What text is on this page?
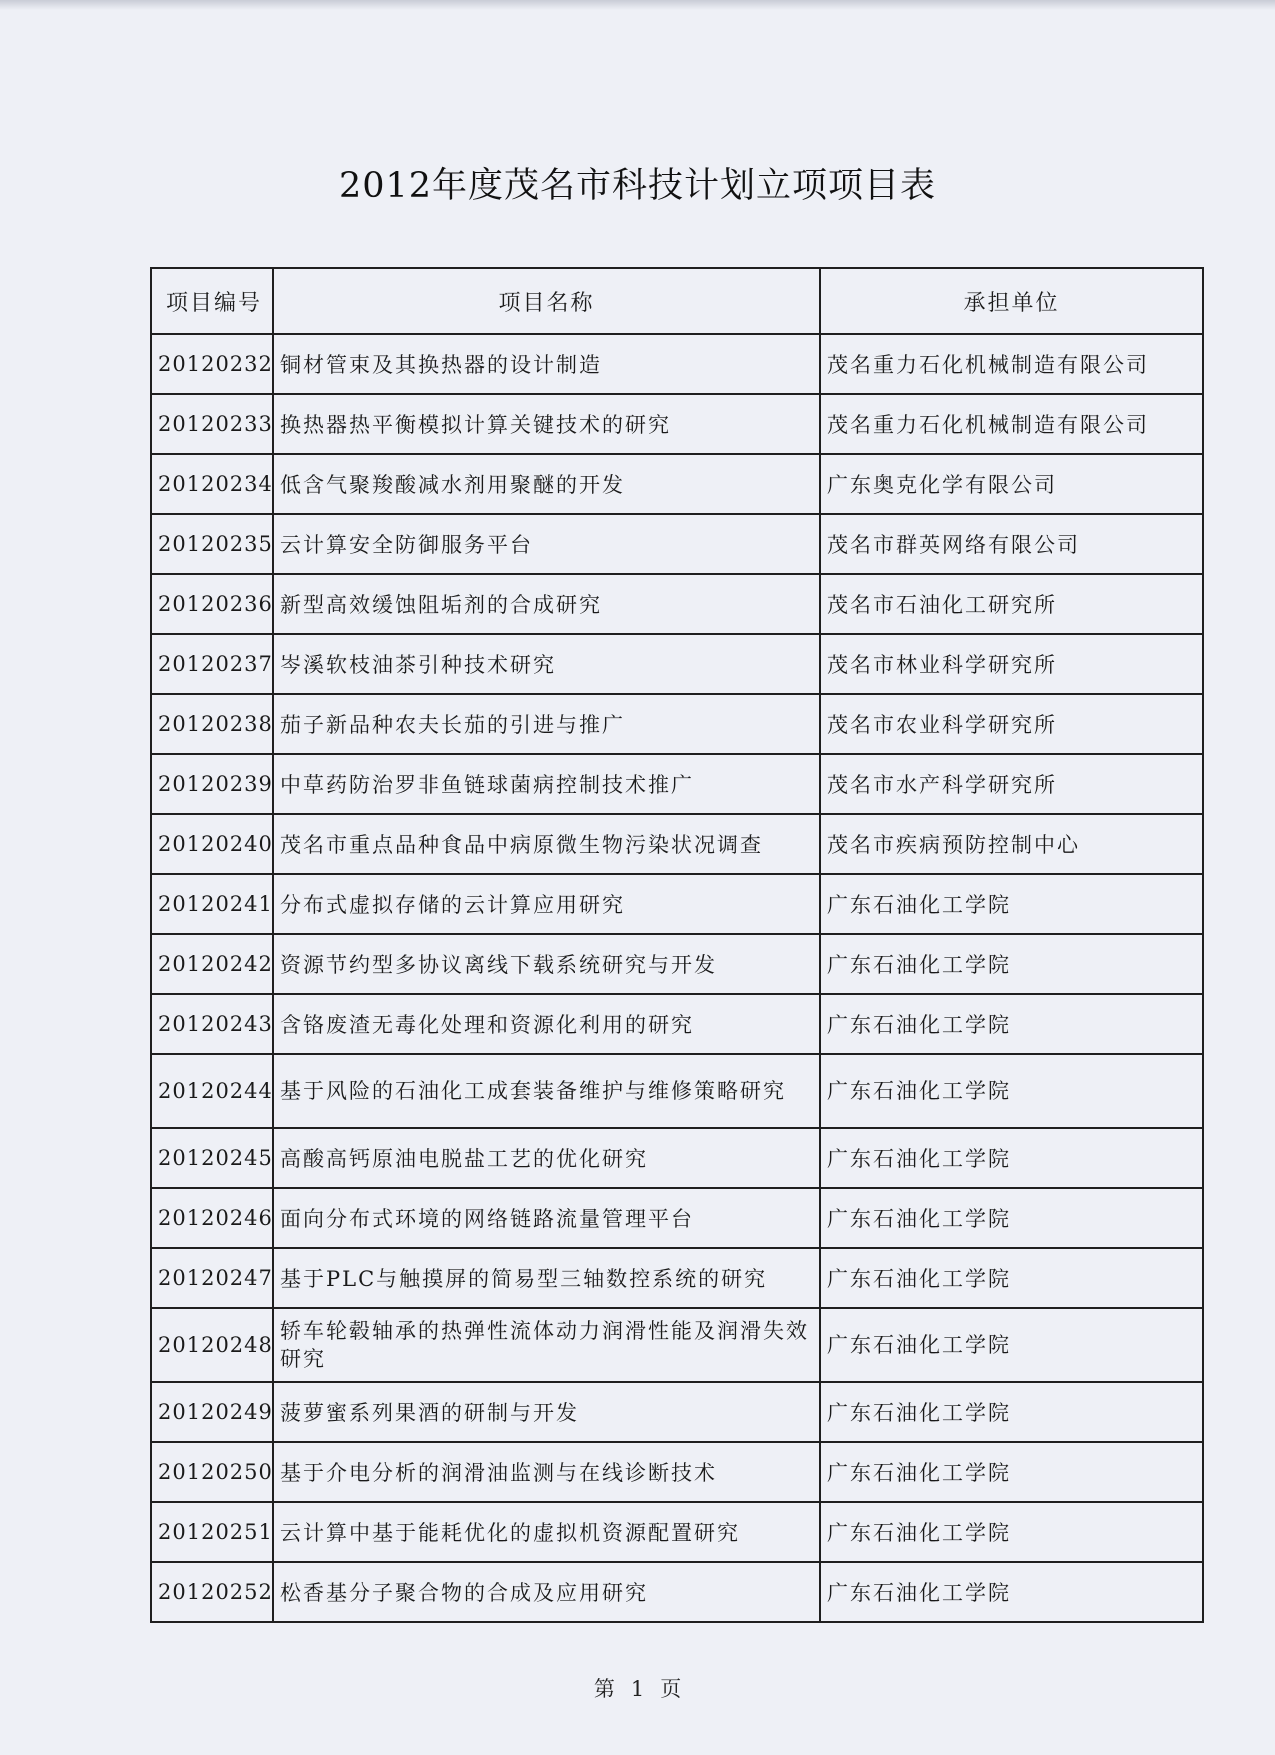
2012年度茂名市科技计划立项项目表
项目编号	项目名称	承担单位
20120232	铜材管束及其换热器的设计制造	茂名重力石化机械制造有限公司
20120233	换热器热平衡模拟计算关键技术的研究	茂名重力石化机械制造有限公司
20120234	低含气聚羧酸减水剂用聚醚的开发	广东奥克化学有限公司
20120235	云计算安全防御服务平台	茂名市群英网络有限公司
20120236	新型高效缓蚀阻垢剂的合成研究	茂名市石油化工研究所
20120237	岑溪软枝油茶引种技术研究	茂名市林业科学研究所
20120238	茄子新品种农夫长茄的引进与推广	茂名市农业科学研究所
20120239	中草药防治罗非鱼链球菌病控制技术推广	茂名市水产科学研究所
20120240	茂名市重点品种食品中病原微生物污染状况调查	茂名市疾病预防控制中心
20120241	分布式虚拟存储的云计算应用研究	广东石油化工学院
20120242	资源节约型多协议离线下载系统研究与开发	广东石油化工学院
20120243	含铬废渣无毒化处理和资源化利用的研究	广东石油化工学院
20120244	基于风险的石油化工成套装备维护与维修策略研究	广东石油化工学院
20120245	高酸高钙原油电脱盐工艺的优化研究	广东石油化工学院
20120246	面向分布式环境的网络链路流量管理平台	广东石油化工学院
20120247	基于PLC与触摸屏的简易型三轴数控系统的研究	广东石油化工学院
20120248	轿车轮毂轴承的热弹性流体动力润滑性能及润滑失效研究	广东石油化工学院
20120249	菠萝蜜系列果酒的研制与开发	广东石油化工学院
20120250	基于介电分析的润滑油监测与在线诊断技术	广东石油化工学院
20120251	云计算中基于能耗优化的虚拟机资源配置研究	广东石油化工学院
20120252	松香基分子聚合物的合成及应用研究	广东石油化工学院
第 1 页
